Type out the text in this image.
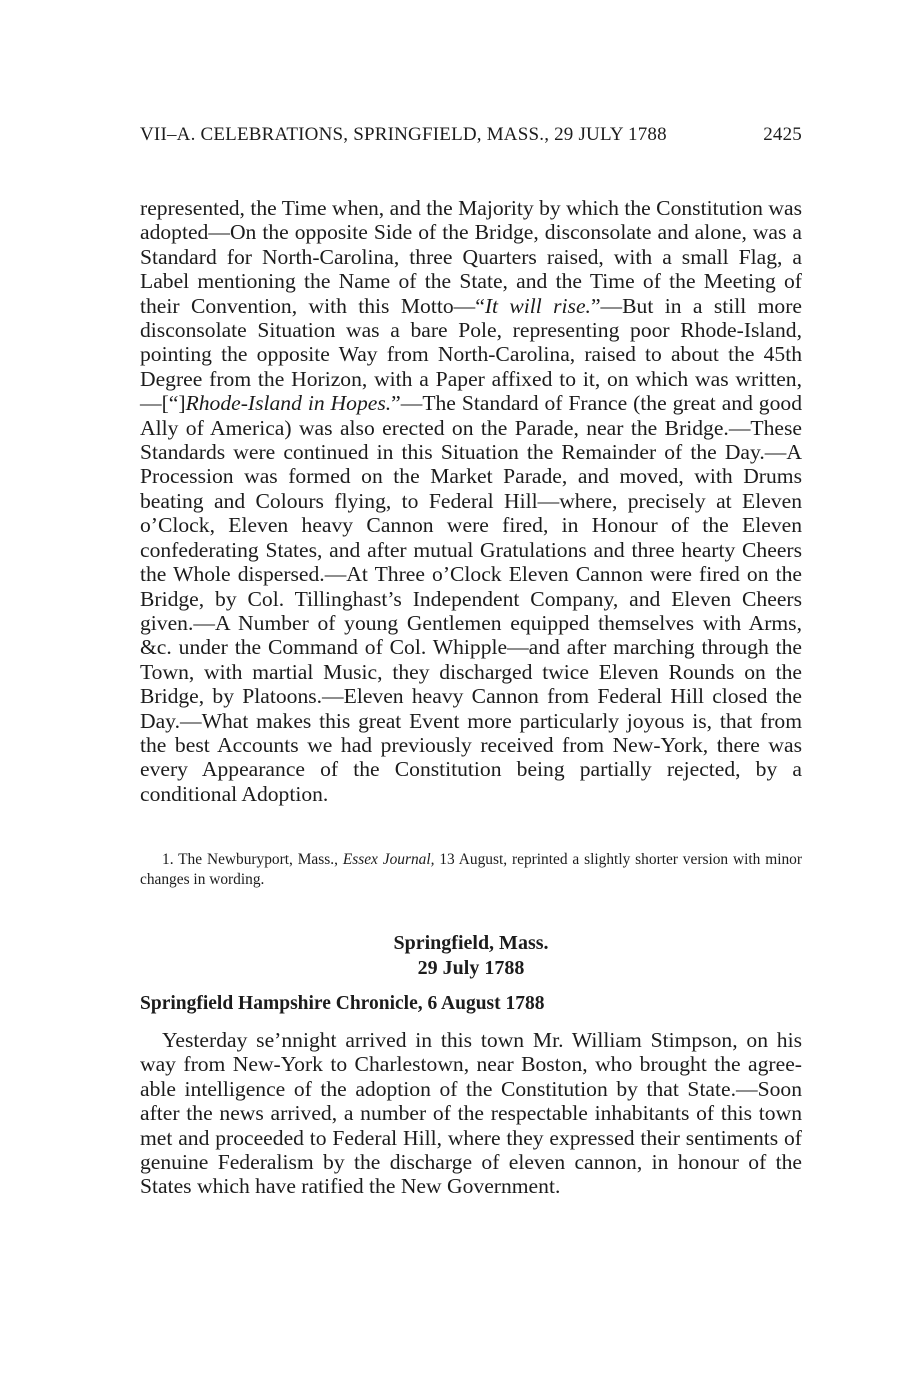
VII–A. CELEBRATIONS, SPRINGFIELD, MASS., 29 JULY 1788	2425

represented, the Time when, and the Majority by which the Constitution was adopted—On the opposite Side of the Bridge, disconsolate and alone, was a Standard for North-Carolina, three Quarters raised, with a small Flag, a Label mentioning the Name of the State, and the Time of the Meeting of their Convention, with this Motto—“It will rise.”—But in a still more disconsolate Situation was a bare Pole, representing poor Rhode-Island, pointing the opposite Way from North-Carolina, raised to about the 45th Degree from the Horizon, with a Paper affixed to it, on which was written,—[“]Rhode-Island in Hopes.”—The Standard of France (the great and good Ally of America) was also erected on the Parade, near the Bridge.—These Standards were continued in this Situation the Remainder of the Day.—A Procession was formed on the Market Parade, and moved, with Drums beating and Colours flying, to Federal Hill—where, precisely at Eleven o’Clock, Eleven heavy Cannon were fired, in Honour of the Eleven confederating States, and after mutual Gratulations and three hearty Cheers the Whole dispersed.—At Three o’Clock Eleven Cannon were fired on the Bridge, by Col. Tillinghast’s Independent Company, and Eleven Cheers given.—A Number of young Gentlemen equipped themselves with Arms, &c. under the Command of Col. Whipple—and after marching through the Town, with martial Music, they discharged twice Eleven Rounds on the Bridge, by Platoons.—Eleven heavy Cannon from Federal Hill closed the Day.—What makes this great Event more particularly joyous is, that from the best Accounts we had previously received from New-York, there was every Appearance of the Constitution being partially rejected, by a conditional Adoption.

1. The Newburyport, Mass., Essex Journal, 13 August, reprinted a slightly shorter version with minor changes in wording.

Springfield, Mass.
29 July 1788
Springfield Hampshire Chronicle, 6 August 1788

Yesterday se’nnight arrived in this town Mr. William Stimpson, on his way from New-York to Charlestown, near Boston, who brought the agreeable intelligence of the adoption of the Constitution by that State.—Soon after the news arrived, a number of the respectable inhabitants of this town met and proceeded to Federal Hill, where they expressed their sentiments of genuine Federalism by the discharge of eleven cannon, in honour of the States which have ratified the New Government.
